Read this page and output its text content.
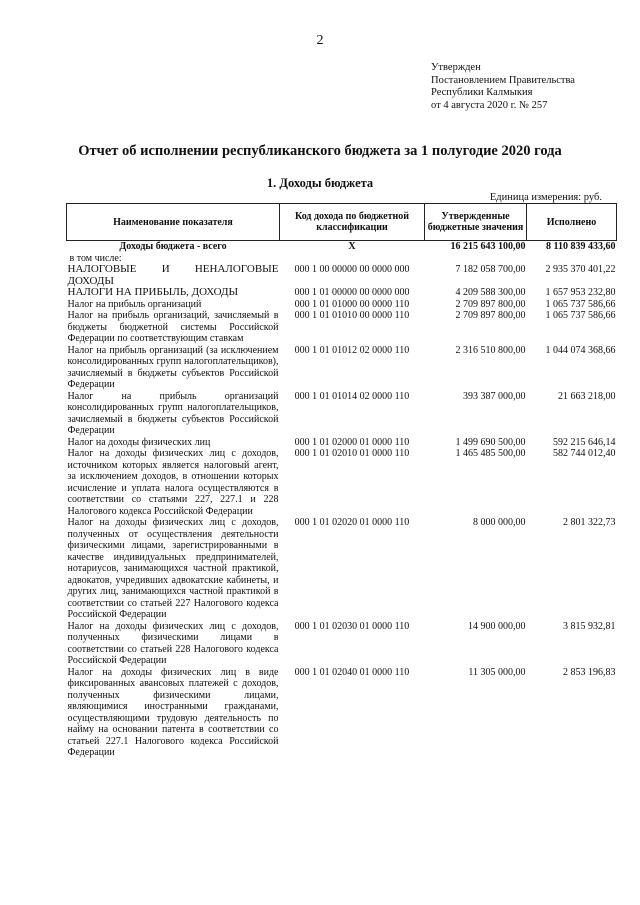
2
Утвержден
Постановлением Правительства
Республики Калмыкия
от 4 августа 2020 г. № 257
Отчет об исполнении республиканского бюджета за 1 полугодие 2020 года
1. Доходы бюджета
Единица измерения: руб.
Наименование показателя	Код дохода по бюджетной классификации	Утвержденные бюджетные значения	Исполнено
Доходы бюджета - всего	X	16 215 643 100,00	8 110 839 433,60
в том числе:			
НАЛОГОВЫЕ И НЕНАЛОГОВЫЕ ДОХОДЫ	000 1 00 00000 00 0000 000	7 182 058 700,00	2 935 370 401,22
НАЛОГИ НА ПРИБЫЛЬ, ДОХОДЫ	000 1 01 00000 00 0000 000	4 209 588 300,00	1 657 953 232,80
Налог на прибыль организаций	000 1 01 01000 00 0000 110	2 709 897 800,00	1 065 737 586,66
Налог на прибыль организаций, зачисляемый в бюджеты бюджетной системы Российской Федерации по соответствующим ставкам	000 1 01 01010 00 0000 110	2 709 897 800,00	1 065 737 586,66
Налог на прибыль организаций (за исключением консолидированных групп налогоплательщиков), зачисляемый в бюджеты субъектов Российской Федерации	000 1 01 01012 02 0000 110	2 316 510 800,00	1 044 074 368,66
Налог на прибыль организаций консолидированных групп налогоплательщиков, зачисляемый в бюджеты субъектов Российской Федерации	000 1 01 01014 02 0000 110	393 387 000,00	21 663 218,00
Налог на доходы физических лиц	000 1 01 02000 01 0000 110	1 499 690 500,00	592 215 646,14
Налог на доходы физических лиц с доходов, источником которых является налоговый агент, за исключением доходов, в отношении которых исчисление и уплата налога осуществляются в соответствии со статьями 227, 227.1 и 228 Налогового кодекса Российской Федерации	000 1 01 02010 01 0000 110	1 465 485 500,00	582 744 012,40
Налог на доходы физических лиц с доходов, полученных от осуществления деятельности физическими лицами, зарегистрированными в качестве индивидуальных предпринимателей, нотариусов, занимающихся частной практикой, адвокатов, учредивших адвокатские кабинеты, и других лиц, занимающихся частной практикой в соответствии со статьей 227 Налогового кодекса Российской Федерации	000 1 01 02020 01 0000 110	8 000 000,00	2 801 322,73
Налог на доходы физических лиц с доходов, полученных физическими лицами в соответствии со статьей 228 Налогового кодекса Российской Федерации	000 1 01 02030 01 0000 110	14 900 000,00	3 815 932,81
Налог на доходы физических лиц в виде фиксированных авансовых платежей с доходов, полученных физическими лицами, являющимися иностранными гражданами, осуществляющими трудовую деятельность по найму на основании патента в соответствии со статьей 227.1 Налогового кодекса Российской Федерации	000 1 01 02040 01 0000 110	11 305 000,00	2 853 196,83
